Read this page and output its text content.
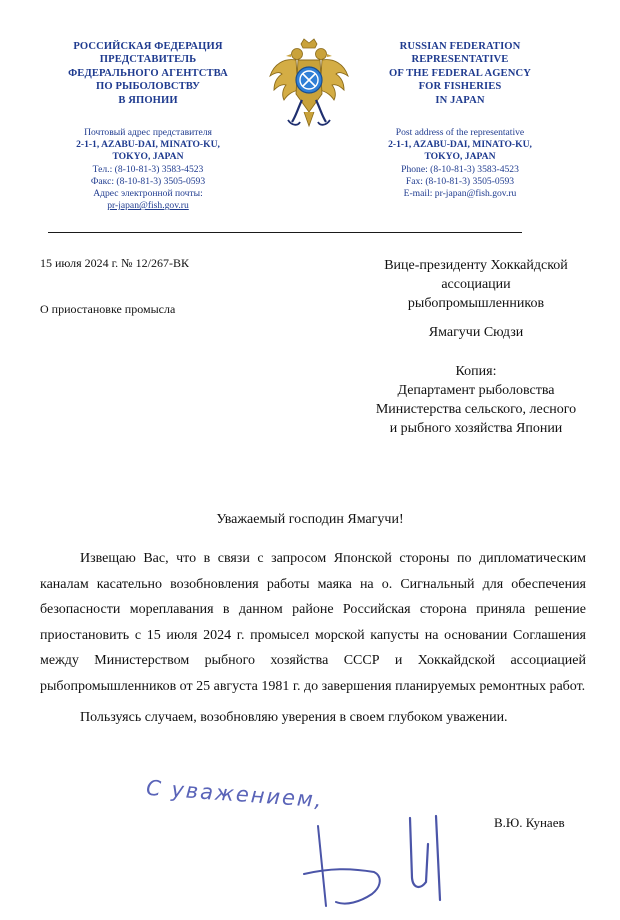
РОССИЙСКАЯ ФЕДЕРАЦИЯ
ПРЕДСТАВИТЕЛЬ
ФЕДЕРАЛЬНОГО АГЕНТСТВА
ПО РЫБОЛОВСТВУ
В ЯПОНИИ
Почтовый адрес представителя
2-1-1, AZABU-DAI, MINATO-KU,
TOKYO, JAPAN
Тел.: (8-10-81-3) 3583-4523
Факс: (8-10-81-3) 3505-0593
Адрес электронной почты:
pr-japan@fish.gov.ru
RUSSIAN FEDERATION
REPRESENTATIVE
OF THE FEDERAL AGENCY
FOR FISHERIES
IN JAPAN
Post address of the representative
2-1-1, AZABU-DAI, MINATO-KU,
TOKYO, JAPAN
Phone: (8-10-81-3) 3583-4523
Fax: (8-10-81-3) 3505-0593
E-mail: pr-japan@fish.gov.ru
15 июля 2024 г. № 12/267-ВК
О приостановке промысла
Вице-президенту Хоккайдской
ассоциации
рыбопромышленников
Ямагучи Сюдзи
Копия:
Департамент рыболовства
Министерства сельского, лесного
и рыбного хозяйства Японии
Уважаемый господин Ямагучи!

Извещаю Вас, что в связи с запросом Японской стороны по дипломатическим каналам касательно возобновления работы маяка на о. Сигнальный для обеспечения безопасности мореплавания в данном районе Российская сторона приняла решение приостановить с 15 июля 2024 г. промысел морской капусты на основании Соглашения между Министерством рыбного хозяйства СССР и Хоккайдской ассоциацией рыбопромышленников от 25 августа 1981 г. до завершения планируемых ремонтных работ.

Пользуясь случаем, возобновляю уверения в своем глубоком уважении.

С уважением,
В.Ю. Кунаев
